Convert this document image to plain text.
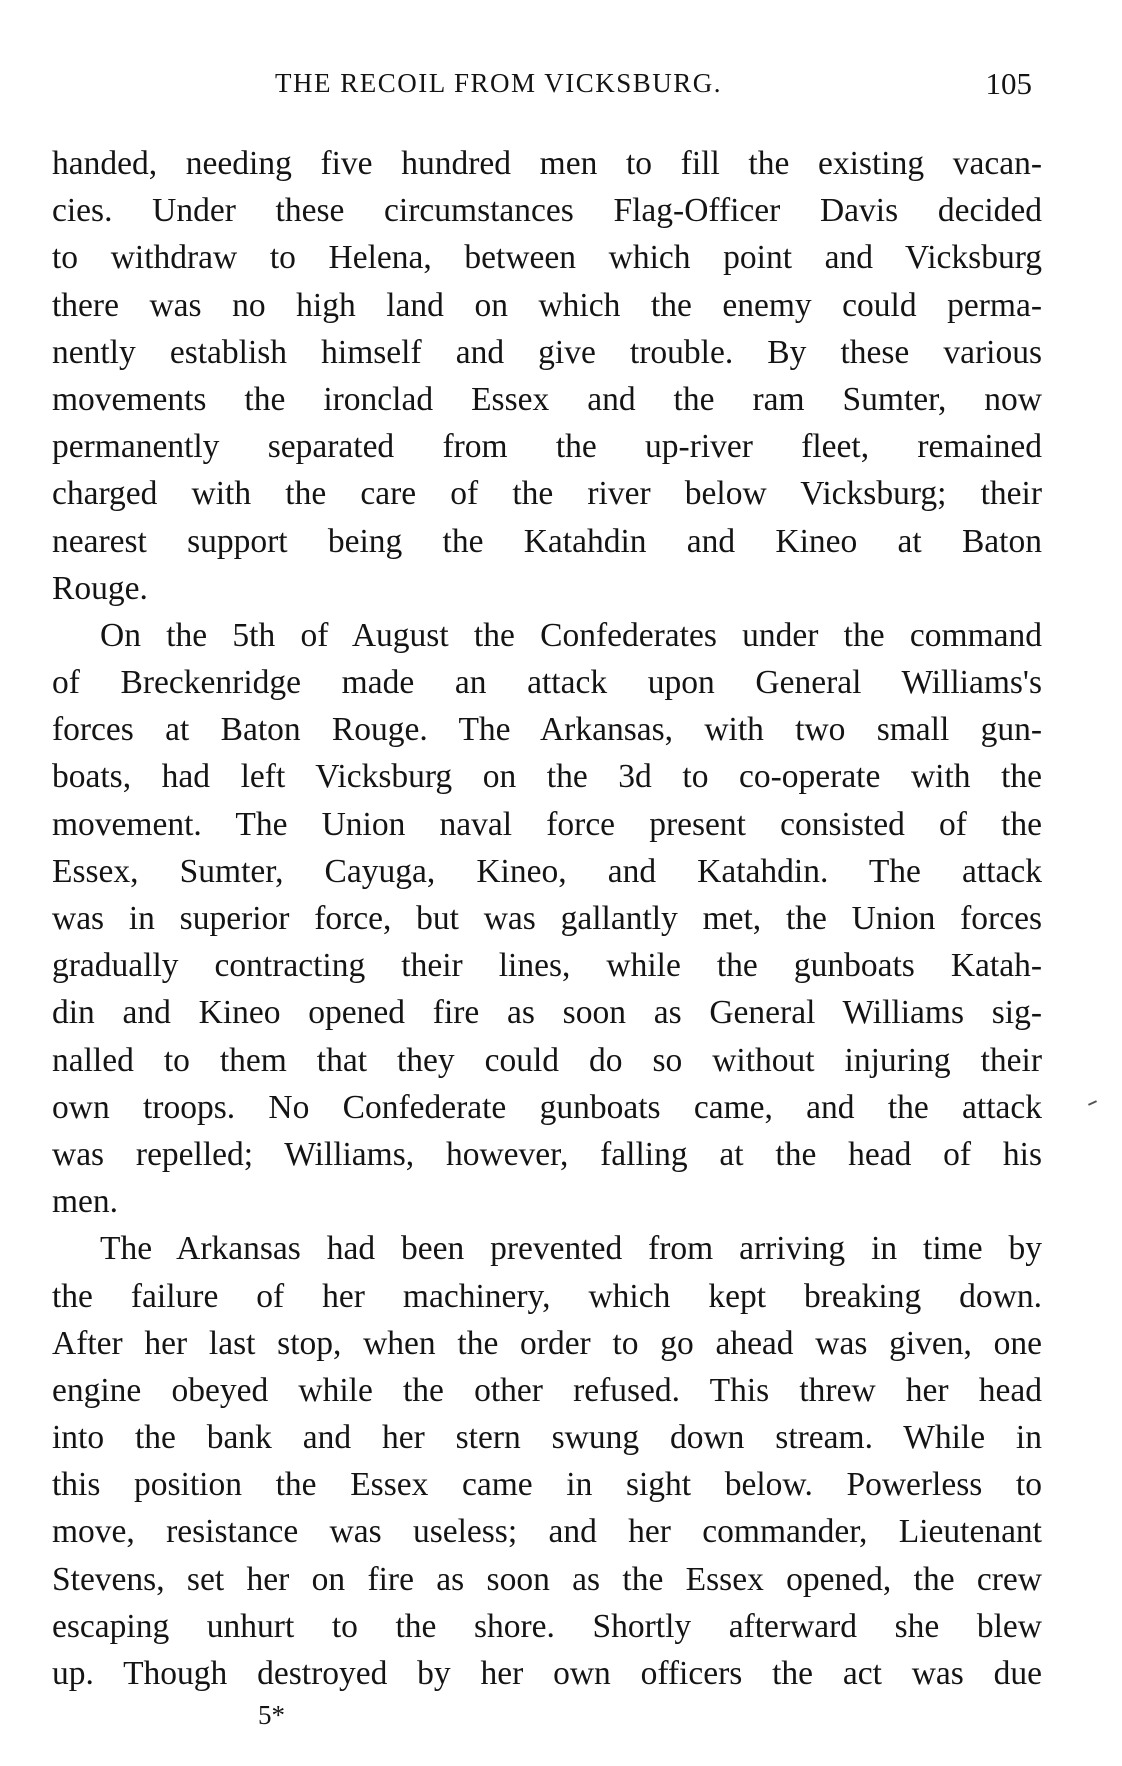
THE RECOIL FROM VICKSBURG.	105
handed, needing five hundred men to fill the existing vacan-
cies. Under these circumstances Flag-Officer Davis decided
to withdraw to Helena, between which point and Vicksburg
there was no high land on which the enemy could perma-
nently establish himself and give trouble. By these various
movements the ironclad Essex and the ram Sumter, now
permanently separated from the up-river fleet, remained
charged with the care of the river below Vicksburg; their
nearest support being the Katahdin and Kineo at Baton
Rouge.
On the 5th of August the Confederates under the command
of Breckenridge made an attack upon General Williams's
forces at Baton Rouge. The Arkansas, with two small gun-
boats, had left Vicksburg on the 3d to co-operate with the
movement. The Union naval force present consisted of the
Essex, Sumter, Cayuga, Kineo, and Katahdin. The attack
was in superior force, but was gallantly met, the Union forces
gradually contracting their lines, while the gunboats Katah-
din and Kineo opened fire as soon as General Williams sig-
nalled to them that they could do so without injuring their
own troops. No Confederate gunboats came, and the attack
was repelled; Williams, however, falling at the head of his
men.
The Arkansas had been prevented from arriving in time by
the failure of her machinery, which kept breaking down.
After her last stop, when the order to go ahead was given, one
engine obeyed while the other refused. This threw her head
into the bank and her stern swung down stream. While in
this position the Essex came in sight below. Powerless to
move, resistance was useless; and her commander, Lieutenant
Stevens, set her on fire as soon as the Essex opened, the crew
escaping unhurt to the shore. Shortly afterward she blew
up. Though destroyed by her own officers the act was due
5*
